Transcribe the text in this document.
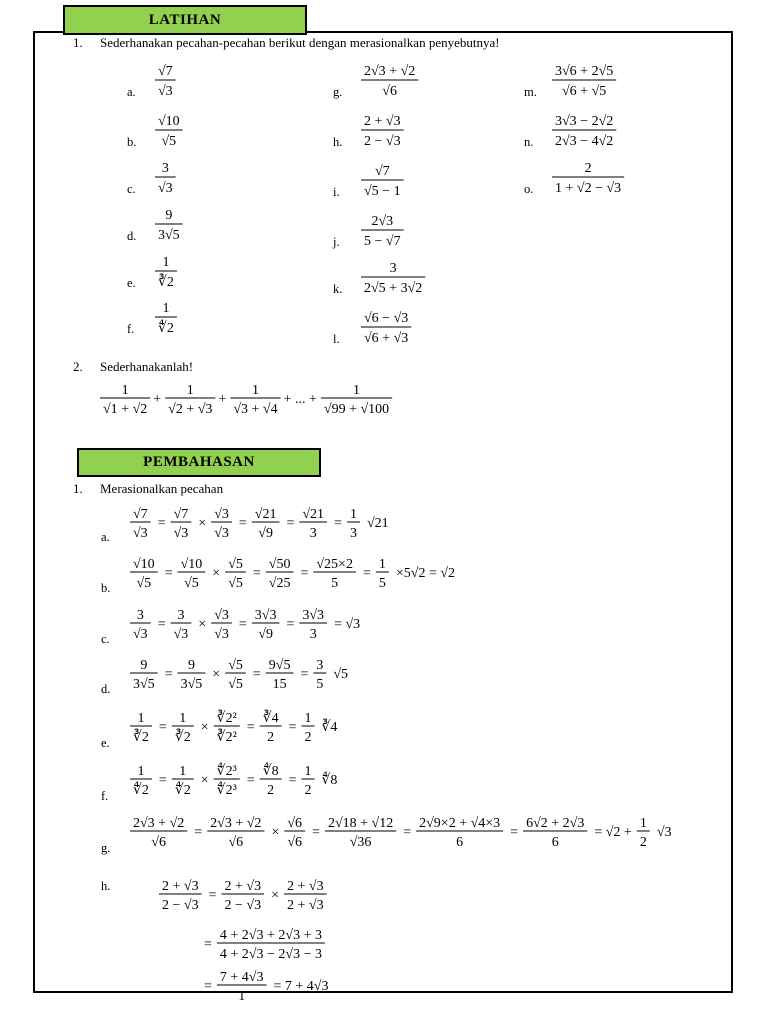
LATIHAN
1. Sederhanakan pecahan-pecahan berikut dengan merasionalkan penyebutnya!
a.
√7
√3
b.
√10
√5
c.
3
√3
d.
9
3√5
e.
1
∛2
f.
1
∜2
g.
2√3 + √2
√6
h.
2 + √3
2 − √3
i.
√7
√5 − 1
j.
2√3
5 − √7
k.
3
2√5 + 3√2
l.
√6 − √3
√6 + √3
m.
3√6 + 2√5
√6 + √5
n.
3√3 − 2√2
2√3 − 4√2
o.
2
1 + √2 − √3
2. Sederhanakanlah!
1
√1 + √2
+
1
√2 + √3
+
1
√3 + √4
+ ... +
1
√99 + √100
PEMBAHASAN
1. Merasionalkan pecahan
a.
√7
√3
=
√7
√3
×
√3
√3
=
√21
√9
=
√21
3
=
1
3
√21
b.
√10
√5
=
√10
√5
×
√5
√5
=
√50
√25
=
√25×2
5
=
1
5
×5√2 = √2
c.
3
√3
=
3
√3
×
√3
√3
=
3√3
√9
=
3√3
3
= √3
d.
9
3√5
=
9
3√5
×
√5
√5
=
9√5
15
=
3
5
√5
e.
1
∛2
=
1
∛2
×
∛2²
∛2²
=
∛4
2
=
1
2
∛4
f.
1
∜2
=
1
∜2
×
∜2³
∜2³
=
∜8
2
=
1
2
∜8
g.
2√3 + √2
√6
=
2√3 + √2
√6
×
√6
√6
=
2√18 + √12
√36
=
2√9×2 + √4×3
6
=
6√2 + 2√3
6
= √2 +
1
2
√3
h.	2 + √3
2 − √3
=
2 + √3
2 − √3
×
2 + √3
2 + √3
=
4 + 2√3 + 2√3 + 3
4 + 2√3 − 2√3 − 3
=
7 + 4√3
1
= 7 + 4√3
